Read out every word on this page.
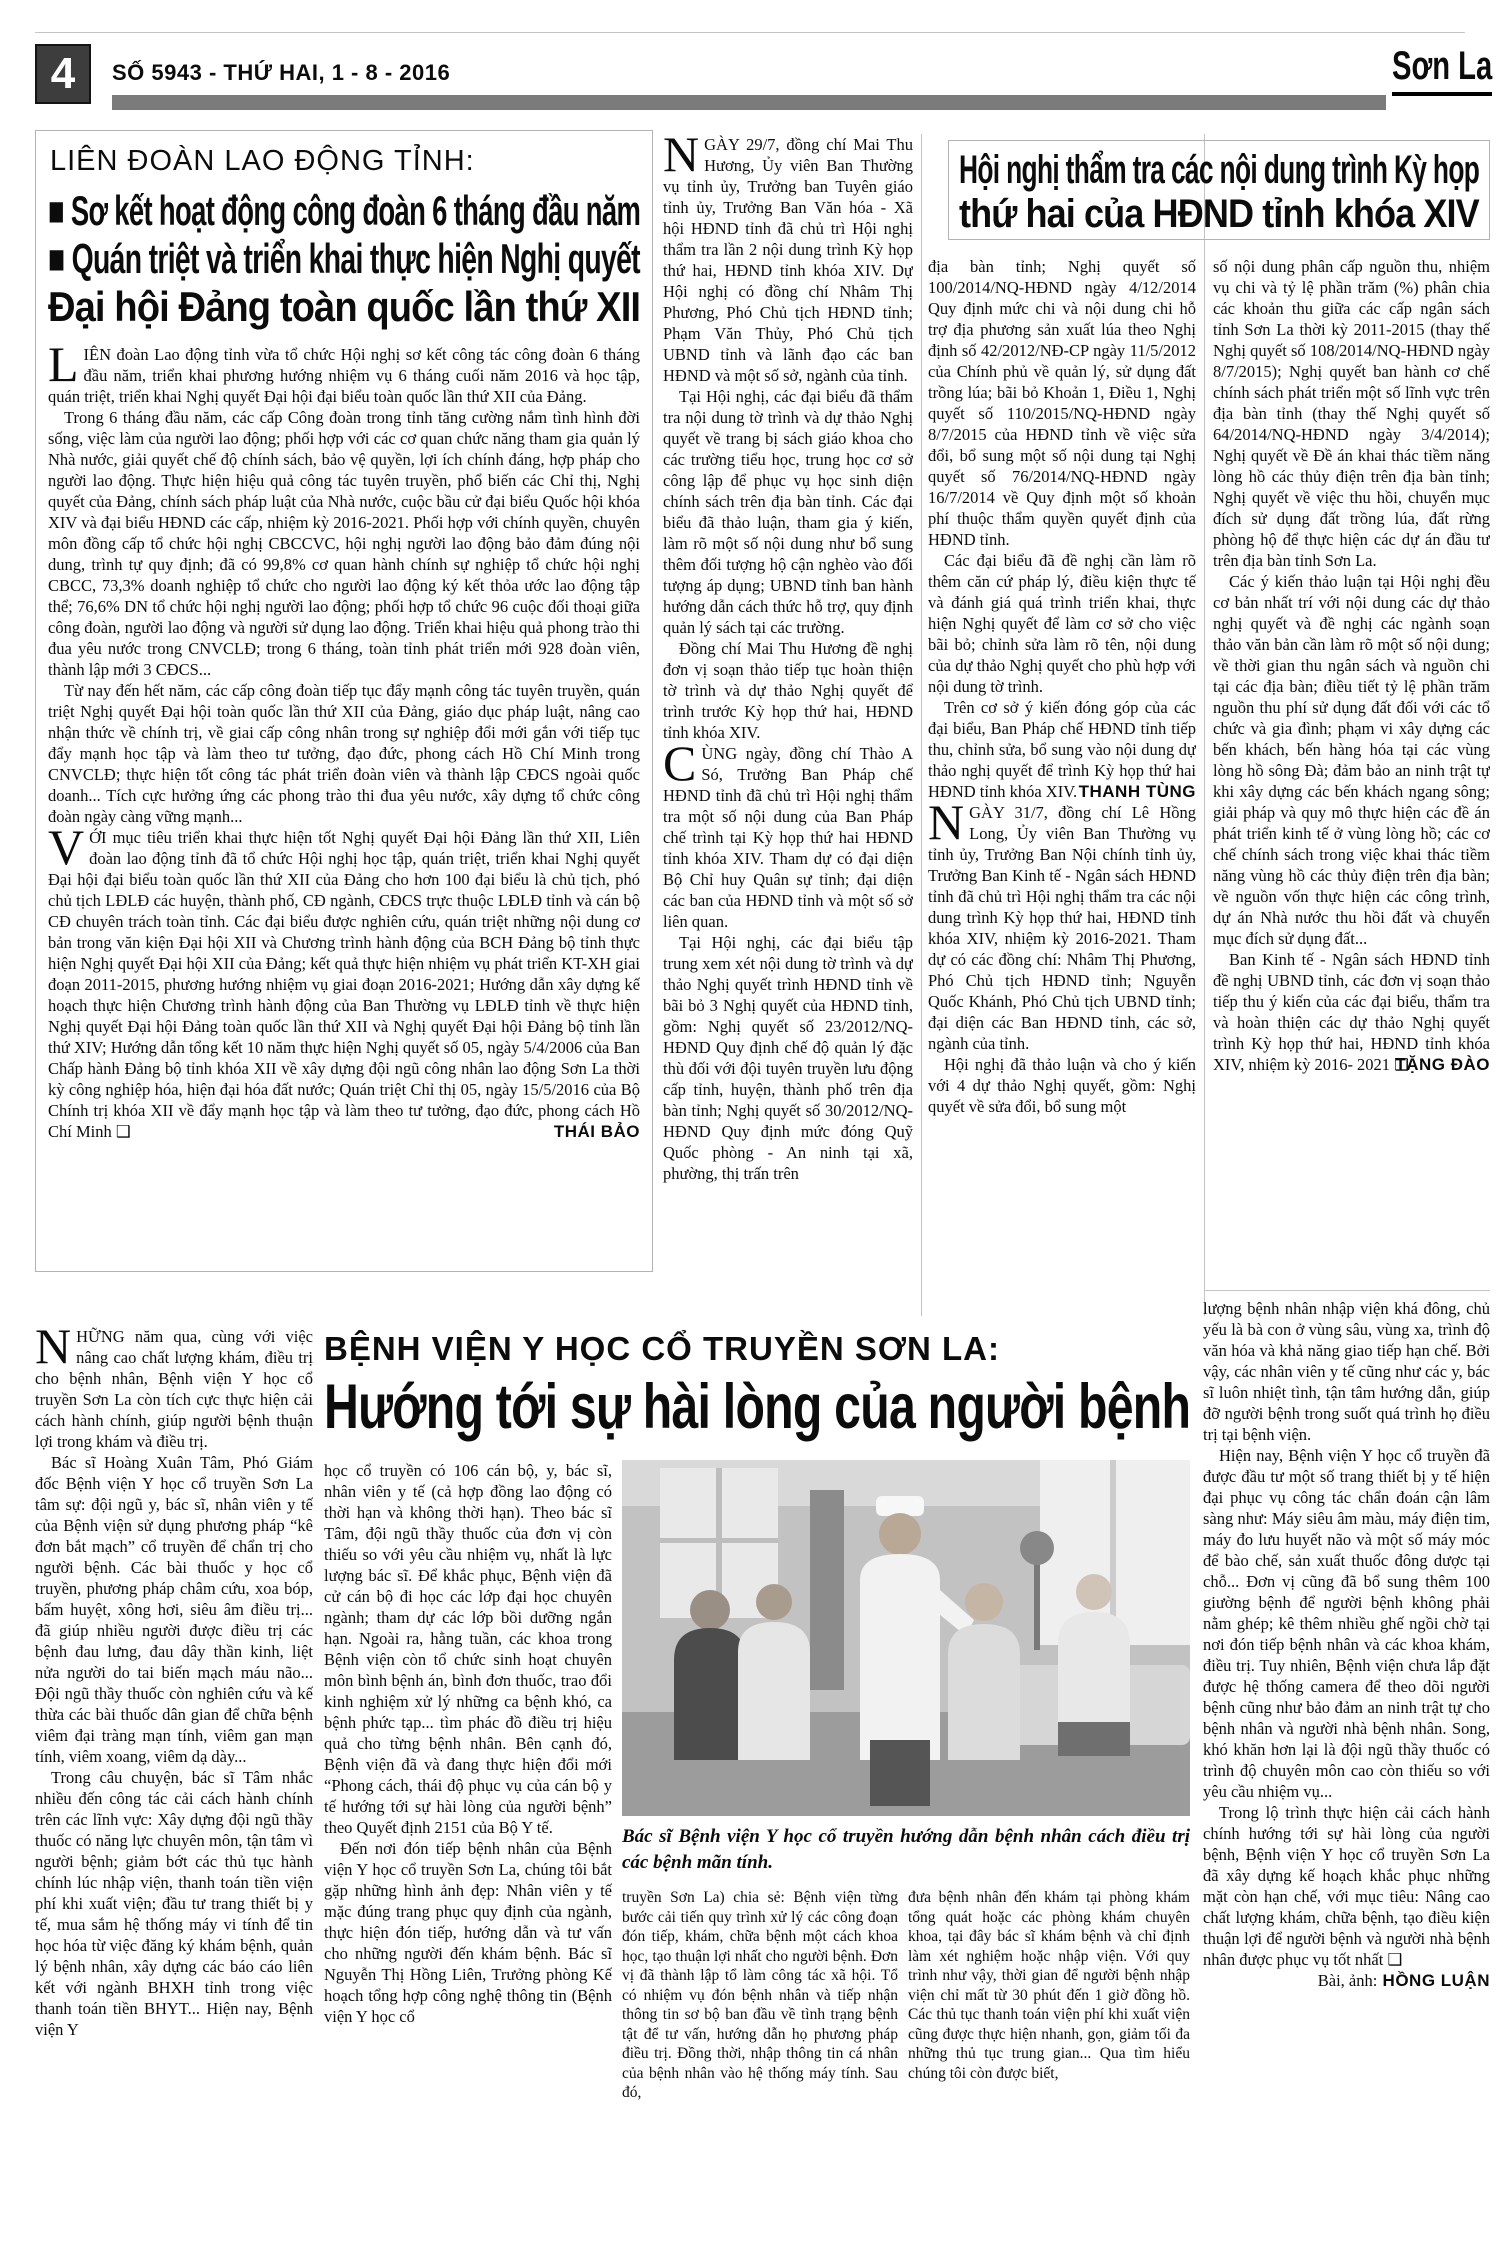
4	SỐ 5943 - THỨ HAI, 1 - 8 - 2016	Sơn La
LIÊN ĐOÀN LAO ĐỘNG TỈNH:
■ Sơ kết hoạt động công đoàn 6 tháng đầu năm
■ Quán triệt và triển khai thực hiện Nghị quyết
Đại hội Đảng toàn quốc lần thứ XII

LIÊN đoàn Lao động tỉnh vừa tổ chức Hội nghị sơ kết công tác công đoàn 6 tháng đầu năm, triển khai phương hướng nhiệm vụ 6 tháng cuối năm 2016 và học tập, quán triệt, triển khai Nghị quyết Đại hội đại biểu toàn quốc lần thứ XII của Đảng.

Trong 6 tháng đầu năm, các cấp Công đoàn trong tỉnh tăng cường nắm tình hình đời sống, việc làm của người lao động; phối hợp với các cơ quan chức năng tham gia quản lý Nhà nước, giải quyết chế độ chính sách, bảo vệ quyền, lợi ích chính đáng, hợp pháp cho người lao động. Thực hiện hiệu quả công tác tuyên truyền, phổ biến các Chỉ thị, Nghị quyết của Đảng, chính sách pháp luật của Nhà nước, cuộc bầu cử đại biểu Quốc hội khóa XIV và đại biểu HĐND các cấp, nhiệm kỳ 2016-2021. Phối hợp với chính quyền, chuyên môn đồng cấp tổ chức hội nghị CBCCVC, hội nghị người lao động bảo đảm đúng nội dung, trình tự quy định; đã có 99,8% cơ quan hành chính sự nghiệp tổ chức hội nghị CBCC, 73,3% doanh nghiệp tổ chức cho người lao động ký kết thỏa ước lao động tập thể; 76,6% DN tổ chức hội nghị người lao động; phối hợp tổ chức 96 cuộc đối thoại giữa công đoàn, người lao động và người sử dụng lao động. Triển khai hiệu quả phong trào thi đua yêu nước trong CNVCLĐ; trong 6 tháng, toàn tỉnh phát triển mới 928 đoàn viên, thành lập mới 3 CĐCS...

Từ nay đến hết năm, các cấp công đoàn tiếp tục đẩy mạnh công tác tuyên truyền, quán triệt Nghị quyết Đại hội toàn quốc lần thứ XII của Đảng, giáo dục pháp luật, nâng cao nhận thức về chính trị, về giai cấp công nhân trong sự nghiệp đổi mới gắn với tiếp tục đẩy mạnh học tập và làm theo tư tưởng, đạo đức, phong cách Hồ Chí Minh trong CNVCLĐ; thực hiện tốt công tác phát triển đoàn viên và thành lập CĐCS ngoài quốc doanh... Tích cực hưởng ứng các phong trào thi đua yêu nước, xây dựng tổ chức công đoàn ngày càng vững mạnh...

VỚI mục tiêu triển khai thực hiện tốt Nghị quyết Đại hội Đảng lần thứ XII, Liên đoàn lao động tỉnh đã tổ chức Hội nghị học tập, quán triệt, triển khai Nghị quyết Đại hội đại biểu toàn quốc lần thứ XII của Đảng cho hơn 100 đại biểu là chủ tịch, phó chủ tịch LĐLĐ các huyện, thành phố, CĐ ngành, CĐCS trực thuộc LĐLĐ tỉnh và cán bộ CĐ chuyên trách toàn tỉnh. Các đại biểu được nghiên cứu, quán triệt những nội dung cơ bản trong văn kiện Đại hội XII và Chương trình hành động của BCH Đảng bộ tỉnh thực hiện Nghị quyết Đại hội XII của Đảng; kết quả thực hiện nhiệm vụ phát triển KT-XH giai đoạn 2011-2015, phương hướng nhiệm vụ giai đoạn 2016-2021; Hướng dẫn xây dựng kế hoạch thực hiện Chương trình hành động của Ban Thường vụ LĐLĐ tỉnh về thực hiện Nghị quyết Đại hội Đảng toàn quốc lần thứ XII và Nghị quyết Đại hội Đảng bộ tỉnh lần thứ XIV; Hướng dẫn tổng kết 10 năm thực hiện Nghị quyết số 05, ngày 5/4/2006 của Ban Chấp hành Đảng bộ tỉnh khóa XII về xây dựng đội ngũ công nhân lao động Sơn La thời kỳ công nghiệp hóa, hiện đại hóa đất nước; Quán triệt Chỉ thị 05, ngày 15/5/2016 của Bộ Chính trị khóa XII về đẩy mạnh học tập và làm theo tư tưởng, đạo đức, phong cách Hồ Chí Minh ❑	THÁI BẢO
Hội nghị thẩm tra các nội dung trình Kỳ họp
thứ hai của HĐND tỉnh khóa XIV

NGÀY 29/7, đồng chí Mai Thu Hương, Ủy viên Ban Thường vụ tỉnh ủy, Trưởng ban Tuyên giáo tỉnh ủy, Trưởng Ban Văn hóa - Xã hội HĐND tỉnh đã chủ trì Hội nghị thẩm tra lần 2 nội dung trình Kỳ họp thứ hai, HĐND tỉnh khóa XIV. Dự Hội nghị có đồng chí Nhâm Thị Phương, Phó Chủ tịch HĐND tỉnh; Phạm Văn Thủy, Phó Chủ tịch UBND tỉnh và lãnh đạo các ban HĐND và một số sở, ngành của tỉnh.

Tại Hội nghị, các đại biểu đã thẩm tra nội dung tờ trình và dự thảo Nghị quyết về trang bị sách giáo khoa cho các trường tiểu học, trung học cơ sở công lập để phục vụ học sinh diện chính sách trên địa bàn tỉnh. Các đại biểu đã thảo luận, tham gia ý kiến, làm rõ một số nội dung như bổ sung thêm đối tượng hộ cận nghèo vào đối tượng áp dụng; UBND tỉnh ban hành hướng dẫn cách thức hỗ trợ, quy định quản lý sách tại các trường.

Đồng chí Mai Thu Hương đề nghị đơn vị soạn thảo tiếp tục hoàn thiện tờ trình và dự thảo Nghị quyết để trình trước Kỳ họp thứ hai, HĐND tỉnh khóa XIV.

CÙNG ngày, đồng chí Thào A Só, Trưởng Ban Pháp chế HĐND tỉnh đã chủ trì Hội nghị thẩm tra một số nội dung của Ban Pháp chế trình tại Kỳ họp thứ hai HĐND tỉnh khóa XIV. Tham dự có đại diện Bộ Chỉ huy Quân sự tỉnh; đại diện các ban của HĐND tỉnh và một số sở liên quan.

Tại Hội nghị, các đại biểu tập trung xem xét nội dung tờ trình và dự thảo Nghị quyết trình HĐND tỉnh về bãi bỏ 3 Nghị quyết của HĐND tỉnh, gồm: Nghị quyết số 23/2012/NQ-HĐND Quy định chế độ quản lý đặc thù đối với đội tuyên truyền lưu động cấp tỉnh, huyện, thành phố trên địa bàn tỉnh; Nghị quyết số 30/2012/NQ-HĐND Quy định mức đóng Quỹ Quốc phòng - An ninh tại xã, phường, thị trấn trên

địa bàn tỉnh; Nghị quyết số 100/2014/NQ-HĐND ngày 4/12/2014 Quy định mức chi và nội dung chi hỗ trợ địa phương sản xuất lúa theo Nghị định số 42/2012/NĐ-CP ngày 11/5/2012 của Chính phủ về quản lý, sử dụng đất trồng lúa; bãi bỏ Khoản 1, Điều 1, Nghị quyết số 110/2015/NQ-HĐND ngày 8/7/2015 của HĐND tỉnh về việc sửa đổi, bổ sung một số nội dung tại Nghị quyết số 76/2014/NQ-HĐND ngày 16/7/2014 về Quy định một số khoản phí thuộc thẩm quyền quyết định của HĐND tỉnh.

Các đại biểu đã đề nghị cần làm rõ thêm căn cứ pháp lý, điều kiện thực tế và đánh giá quá trình triển khai, thực hiện Nghị quyết để làm cơ sở cho việc bãi bỏ; chỉnh sửa làm rõ tên, nội dung của dự thảo Nghị quyết cho phù hợp với nội dung tờ trình.

Trên cơ sở ý kiến đóng góp của các đại biểu, Ban Pháp chế HĐND tỉnh tiếp thu, chỉnh sửa, bổ sung vào nội dung dự thảo nghị quyết để trình Kỳ họp thứ hai HĐND tỉnh khóa XIV. THANH TÙNG

NGÀY 31/7, đồng chí Lê Hồng Long, Ủy viên Ban Thường vụ tỉnh ủy, Trưởng Ban Nội chính tỉnh ủy, Trưởng Ban Kinh tế - Ngân sách HĐND tỉnh đã chủ trì Hội nghị thẩm tra các nội dung trình Kỳ họp thứ hai, HĐND tỉnh khóa XIV, nhiệm kỳ 2016-2021. Tham dự có các đồng chí: Nhâm Thị Phương, Phó Chủ tịch HĐND tỉnh; Nguyễn Quốc Khánh, Phó Chủ tịch UBND tỉnh; đại diện các Ban HĐND tỉnh, các sở, ngành của tỉnh.

Hội nghị đã thảo luận và cho ý kiến với 4 dự thảo Nghị quyết, gồm: Nghị quyết về sửa đổi, bổ sung một

số nội dung phân cấp nguồn thu, nhiệm vụ chi và tỷ lệ phần trăm (%) phân chia các khoản thu giữa các cấp ngân sách tỉnh Sơn La thời kỳ 2011-2015 (thay thế Nghị quyết số 108/2014/NQ-HĐND ngày 8/7/2015); Nghị quyết ban hành cơ chế chính sách phát triển một số lĩnh vực trên địa bàn tỉnh (thay thế Nghị quyết số 64/2014/NQ-HĐND ngày 3/4/2014); Nghị quyết về Đề án khai thác tiềm năng lòng hồ các thủy điện trên địa bàn tỉnh; Nghị quyết về việc thu hồi, chuyển mục đích sử dụng đất trồng lúa, đất rừng phòng hộ để thực hiện các dự án đầu tư trên địa bàn tỉnh Sơn La.

Các ý kiến thảo luận tại Hội nghị đều cơ bản nhất trí với nội dung các dự thảo nghị quyết và đề nghị các ngành soạn thảo văn bản cần làm rõ một số nội dung; về thời gian thu ngân sách và nguồn chi tại các địa bàn; điều tiết tỷ lệ phần trăm nguồn thu phí sử dụng đất đối với các tổ chức và gia đình; phạm vi xây dựng các bến khách, bến hàng hóa tại các vùng lòng hồ sông Đà; đảm bảo an ninh trật tự khi xây dựng các bến khách ngang sông; giải pháp và quy mô thực hiện các đề án phát triển kinh tế ở vùng lòng hồ; các cơ chế chính sách trong việc khai thác tiềm năng vùng hồ các thủy điện trên địa bàn; về nguồn vốn thực hiện các công trình, dự án Nhà nước thu hồi đất và chuyển mục đích sử dụng đất...

Ban Kinh tế - Ngân sách HĐND tỉnh đề nghị UBND tỉnh, các đơn vị soạn thảo tiếp thu ý kiến của các đại biểu, thẩm tra và hoàn thiện các dự thảo Nghị quyết trình Kỳ họp thứ hai, HĐND tỉnh khóa XIV, nhiệm kỳ 2016- 2021 ❑

TẶNG ĐÀO

NHỮNG năm qua, cùng với việc nâng cao chất lượng khám, điều trị cho bệnh nhân, Bệnh viện Y học cổ truyền Sơn La còn tích cực thực hiện cải cách hành chính, giúp người bệnh thuận lợi trong khám và điều trị.

Bác sĩ Hoàng Xuân Tâm, Phó Giám đốc Bệnh viện Y học cổ truyền Sơn La tâm sự: đội ngũ y, bác sĩ, nhân viên y tế của Bệnh viện sử dụng phương pháp “kê đơn bắt mạch” cổ truyền để chẩn trị cho người bệnh. Các bài thuốc y học cổ truyền, phương pháp châm cứu, xoa bóp, bấm huyệt, xông hơi, siêu âm điều trị... đã giúp nhiều người được điều trị các bệnh đau lưng, đau dây thần kinh, liệt nửa người do tai biến mạch máu não... Đội ngũ thầy thuốc còn nghiên cứu và kế thừa các bài thuốc dân gian để chữa bệnh viêm đại tràng mạn tính, viêm gan mạn tính, viêm xoang, viêm dạ dày...

Trong câu chuyện, bác sĩ Tâm nhắc nhiều đến công tác cải cách hành chính trên các lĩnh vực: Xây dựng đội ngũ thầy thuốc có năng lực chuyên môn, tận tâm vì người bệnh; giảm bớt các thủ tục hành chính lúc nhập viện, thanh toán tiền viện phí khi xuất viện; đầu tư trang thiết bị y tế, mua sắm hệ thống máy vi tính để tin học hóa từ việc đăng ký khám bệnh, quản lý bệnh nhân, xây dựng các báo cáo liên kết với ngành BHXH tỉnh trong việc thanh toán tiền BHYT... Hiện nay, Bệnh viện Y

BỆNH VIỆN Y HỌC CỔ TRUYỀN SƠN LA:
Hướng tới sự hài lòng của người bệnh

học cổ truyền có 106 cán bộ, y, bác sĩ, nhân viên y tế (cả hợp đồng lao động có thời hạn và không thời hạn). Theo bác sĩ Tâm, đội ngũ thầy thuốc của đơn vị còn thiếu so với yêu cầu nhiệm vụ, nhất là lực lượng bác sĩ. Để khắc phục, Bệnh viện đã cử cán bộ đi học các lớp đại học chuyên ngành; tham dự các lớp bồi dưỡng ngắn hạn. Ngoài ra, hằng tuần, các khoa trong Bệnh viện còn tổ chức sinh hoạt chuyên môn bình bệnh án, bình đơn thuốc, trao đổi kinh nghiệm xử lý những ca bệnh khó, ca bệnh phức tạp... tìm phác đồ điều trị hiệu quả cho từng bệnh nhân. Bên cạnh đó, Bệnh viện đã và đang thực hiện đổi mới “Phong cách, thái độ phục vụ của cán bộ y tế hướng tới sự hài lòng của người bệnh” theo Quyết định 2151 của Bộ Y tế.

Đến nơi đón tiếp bệnh nhân của Bệnh viện Y học cổ truyền Sơn La, chúng tôi bắt gặp những hình ảnh đẹp: Nhân viên y tế mặc đúng trang phục quy định của ngành, thực hiện đón tiếp, hướng dẫn và tư vấn cho những người đến khám bệnh. Bác sĩ Nguyễn Thị Hồng Liên, Trưởng phòng Kế hoạch tổng hợp công nghệ thông tin (Bệnh viện Y học cổ

Bác sĩ Bệnh viện Y học cổ truyền hướng dẫn bệnh nhân cách điều trị các bệnh mãn tính.

truyền Sơn La) chia sẻ: Bệnh viện từng bước cải tiến quy trình xử lý các công đoạn đón tiếp, khám, chữa bệnh một cách khoa học, tạo thuận lợi nhất cho người bệnh. Đơn vị đã thành lập tổ làm công tác xã hội. Tổ có nhiệm vụ đón bệnh nhân và tiếp nhận thông tin sơ bộ ban đầu về tình trạng bệnh tật để tư vấn, hướng dẫn họ phương pháp điều trị. Đồng thời, nhập thông tin cá nhân của bệnh nhân vào hệ thống máy tính. Sau đó,

đưa bệnh nhân đến khám tại phòng khám tổng quát hoặc các phòng khám chuyên khoa, tại đây bác sĩ khám bệnh và chỉ định làm xét nghiệm hoặc nhập viện. Với quy trình như vậy, thời gian để người bệnh nhập viện chỉ mất từ 30 phút đến 1 giờ đồng hồ. Các thủ tục thanh toán viện phí khi xuất viện cũng được thực hiện nhanh, gọn, giảm tối đa những thủ tục trung gian... Qua tìm hiểu chúng tôi còn được biết,

lượng bệnh nhân nhập viện khá đông, chủ yếu là bà con ở vùng sâu, vùng xa, trình độ văn hóa và khả năng giao tiếp hạn chế. Bởi vậy, các nhân viên y tế cũng như các y, bác sĩ luôn nhiệt tình, tận tâm hướng dẫn, giúp đỡ người bệnh trong suốt quá trình họ điều trị tại bệnh viện.

Hiện nay, Bệnh viện Y học cổ truyền đã được đầu tư một số trang thiết bị y tế hiện đại phục vụ công tác chẩn đoán cận lâm sàng như: Máy siêu âm màu, máy điện tim, máy đo lưu huyết não và một số máy móc để bào chế, sản xuất thuốc đông dược tại chỗ... Đơn vị cũng đã bổ sung thêm 100 giường bệnh để người bệnh không phải nằm ghép; kê thêm nhiều ghế ngồi chờ tại nơi đón tiếp bệnh nhân và các khoa khám, điều trị. Tuy nhiên, Bệnh viện chưa lắp đặt được hệ thống camera để theo dõi người bệnh cũng như bảo đảm an ninh trật tự cho bệnh nhân và người nhà bệnh nhân. Song, khó khăn hơn lại là đội ngũ thầy thuốc có trình độ chuyên môn cao còn thiếu so với yêu cầu nhiệm vụ...

Trong lộ trình thực hiện cải cách hành chính hướng tới sự hài lòng của người bệnh, Bệnh viện Y học cổ truyền Sơn La đã xây dựng kế hoạch khắc phục những mặt còn hạn chế, với mục tiêu: Nâng cao chất lượng khám, chữa bệnh, tạo điều kiện thuận lợi để người bệnh và người nhà bệnh nhân được phục vụ tốt nhất ❑

Bài, ảnh: HỒNG LUẬN
